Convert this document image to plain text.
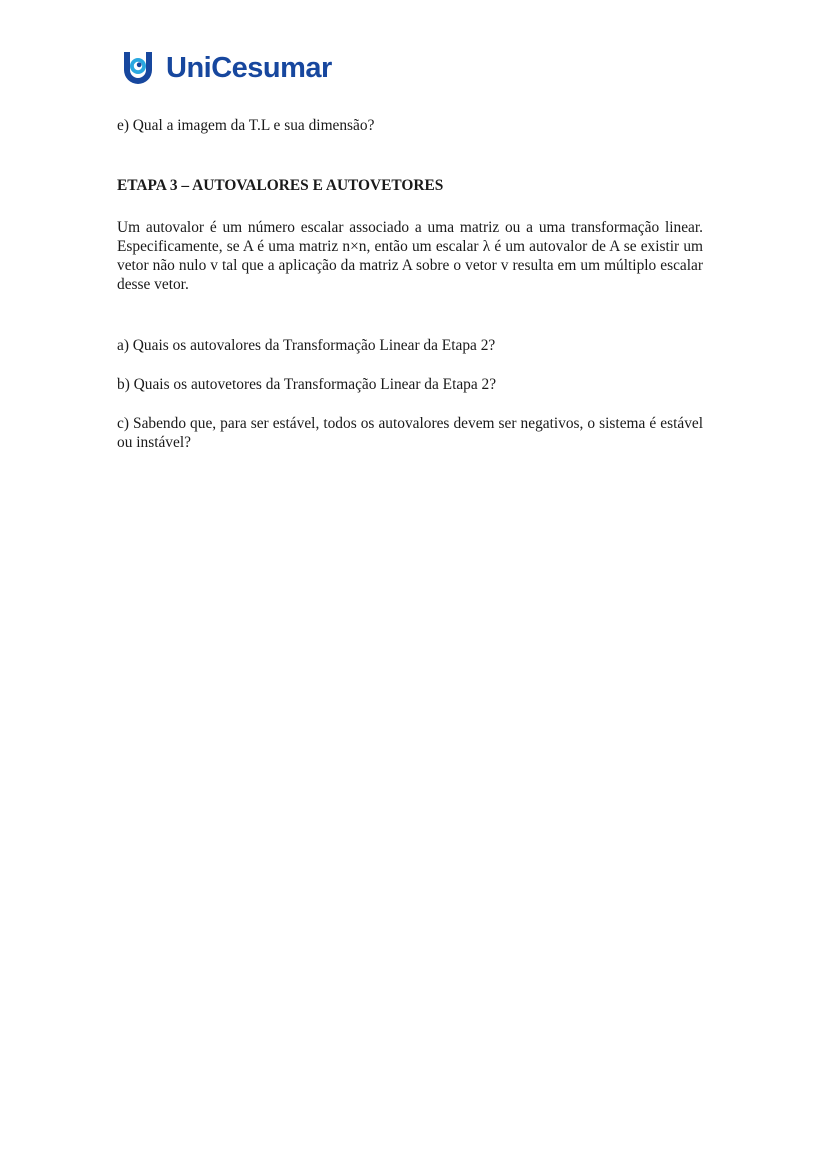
UniCesumar

e) Qual a imagem da T.L e sua dimensão?

ETAPA 3 – AUTOVALORES E AUTOVETORES

Um autovalor é um número escalar associado a uma matriz ou a uma transformação linear. Especificamente, se A é uma matriz n×n, então um escalar λ é um autovalor de A se existir um vetor não nulo v tal que a aplicação da matriz A sobre o vetor v resulta em um múltiplo escalar desse vetor.

a) Quais os autovalores da Transformação Linear da Etapa 2?

b) Quais os autovetores da Transformação Linear da Etapa 2?

c) Sabendo que, para ser estável, todos os autovalores devem ser negativos, o sistema é estável ou instável?
